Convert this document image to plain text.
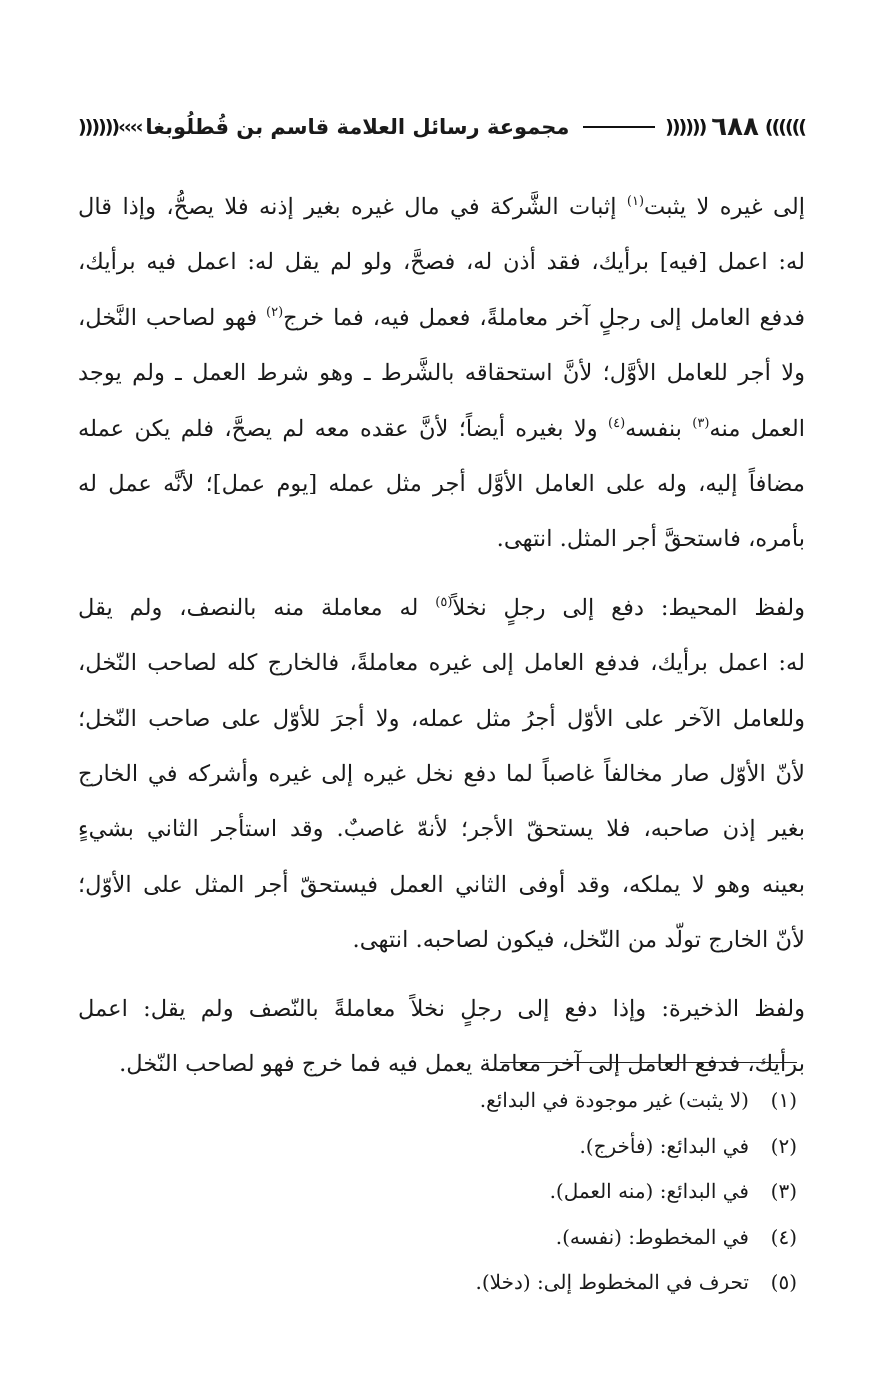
))))))
٦٨٨
((((((
مجموعة رسائل العلامة قاسم بن قُطلُوبغا
››››((((((
إلى غيره لا يثبت$^{(١)}$ إثبات الشَّركة في مال غيره بغير إذنه فلا يصحُّ، وإذا قال
له: اعمل [فيه] برأيك، فقد أذن له، فصحَّ، ولو لم يقل له: اعمل فيه برأيك،
فدفع العامل إلى رجلٍ آخر معاملةً، فعمل فيه، فما خرج$^{(٢)}$ فهو لصاحب النَّخل،
ولا أجر للعامل الأوَّل؛ لأنَّ استحقاقه بالشَّرط ـ وهو شرط العمل ـ ولم يوجد
العمل منه$^{(٣)}$ بنفسه$^{(٤)}$ ولا بغيره أيضاً؛ لأنَّ عقده معه لم يصحَّ، فلم يكن عمله
مضافاً إليه، وله على العامل الأوَّل أجر مثل عمله [يوم عمل]؛ لأنَّه عمل له
بأمره، فاستحقَّ أجر المثل. انتهى.
ولفظ المحيط: دفع إلى رجلٍ نخلاً$^{(٥)}$ له معاملة منه بالنصف، ولم يقل
له: اعمل برأيك، فدفع العامل إلى غيره معاملةً، فالخارج كله لصاحب النّخل،
وللعامل الآخر على الأوّل أجرُ مثل عمله، ولا أجرَ للأوّل على صاحب النّخل؛
لأنّ الأوّل صار مخالفاً غاصباً لما دفع نخل غيره إلى غيره وأشركه في الخارج
بغير إذن صاحبه، فلا يستحقّ الأجر؛ لأنهّ غاصبٌ. وقد استأجر الثاني بشيءٍ
بعينه وهو لا يملكه، وقد أوفى الثاني العمل فيستحقّ أجر المثل على الأوّل؛
لأنّ الخارج تولّد من النّخل، فيكون لصاحبه. انتهى.
ولفظ الذخيرة: وإذا دفع إلى رجلٍ نخلاً معاملةً بالنّصف ولم يقل: اعمل
برأيك، فدفع العامل إلى آخر معاملة يعمل فيه فما خرج فهو لصاحب النّخل.
(١)
(لا يثبت) غير موجودة في البدائع.
(٢)
في البدائع: (فأخرج).
(٣)
في البدائع: (منه العمل).
(٤)
في المخطوط: (نفسه).
(٥)
تحرف في المخطوط إلى: (دخلا).
